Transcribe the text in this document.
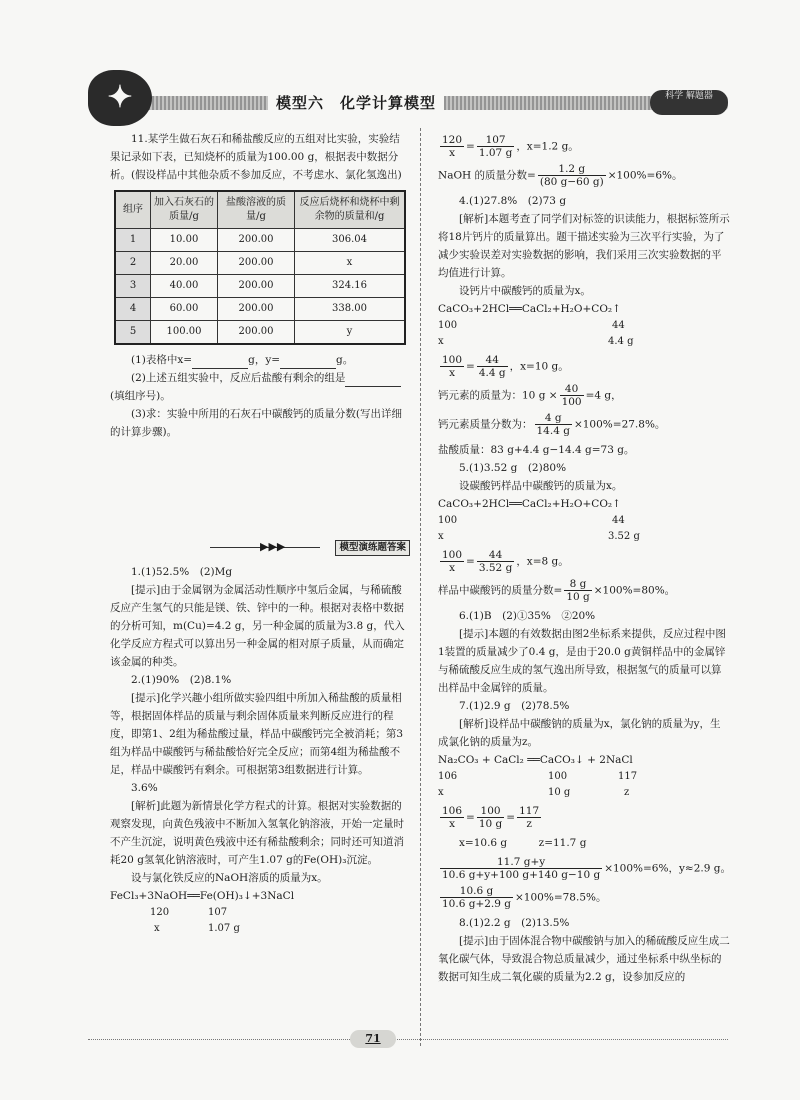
✦	模型六　化学计算模型	科学 解题器

11.某学生做石灰石和稀盐酸反应的五组对比实验，实验结果记录如下表，已知烧杯的质量为100.00 g，根据表中数据分析。(假设样品中其他杂质不参加反应，不考虑水、氯化氢逸出)

组序	加入石灰石的质量/g	盐酸溶液的质量/g	反应后烧杯和烧杯中剩余物的质量和/g
1	10.00	200.00	306.04
2	20.00	200.00	x
3	40.00	200.00	324.16
4	60.00	200.00	338.00
5	100.00	200.00	y

(1)表格中x=	g，y=	g。

(2)上述五组实验中，反应后盐酸有剩余的组是

(填组序号)。

(3)求：实验中所用的石灰石中碳酸钙的质量分数(写出详细的计算步骤)。

▶▶▶	模型演练题答案

1.(1)52.5%　(2)Mg

[提示]由于金属钢为金属活动性顺序中氢后金属，与稀硫酸反应产生氢气的只能是镁、铁、锌中的一种。根据对表格中数据的分析可知，m(Cu)=4.2 g，另一种金属的质量为3.8 g，代入化学反应方程式可以算出另一种金属的相对原子质量，从而确定该金属的种类。

2.(1)90%　(2)8.1%

[提示]化学兴趣小组所做实验四组中所加入稀盐酸的质量相等，根据固体样品的质量与剩余固体质量来判断反应进行的程度，即第1、2组为稀盐酸过量，样品中碳酸钙完全被消耗；第3组为样品中碳酸钙与稀盐酸恰好完全反应；而第4组为稀盐酸不足，样品中碳酸钙有剩余。可根据第3组数据进行计算。

3.6%

[解析]此题为新情景化学方程式的计算。根据对实验数据的观察发现，向黄色残液中不断加入氢氧化钠溶液，开始一定量时不产生沉淀，说明黄色残液中还有稀盐酸剩余；同时还可知道消耗20 g氢氧化钠溶液时，可产生1.07 g的Fe(OH)₃沉淀。

设与氯化铁反应的NaOH溶质的质量为x。

FeCl₃+3NaOH══Fe(OH)₃↓+3NaCl

120	107
x	1.07 g
$\frac{120}{x} = \frac{107}{1.07 g}$ ，x=1.2 g。
NaOH 的质量分数= $\frac{1.2 g}{(80 g-60 g)} \times 100\%=6\%$。

4.(1)27.8%　(2)73 g

[解析]本题考查了同学们对标签的识读能力，根据标签所示将18片钙片的质量算出。题干描述实验为三次平行实验，为了减少实验误差对实验数据的影响，我们采用三次实验数据的平均值进行计算。

设钙片中碳酸钙的质量为x。

CaCO₃+2HCl══CaCl₂+H₂O+CO₂↑

100	44
x	4.4 g
$\frac{100}{x} = \frac{44}{4.4 g}$ ，x=10 g。
钙元素的质量为：10 $g \times \frac{40}{100} =4$ g，
钙元素质量分数为： $\frac{4 g}{14.4 g} \times 100\%=27.8\%$。

盐酸质量：83 g+4.4 g−14.4 g=73 g。

5.(1)3.52 g　(2)80%

设碳酸钙样品中碳酸钙的质量为x。

CaCO₃+2HCl══CaCl₂+H₂O+CO₂↑

100	44
x	3.52 g
$\frac{100}{x} = \frac{44}{3.52 g}$ ，x=8 g。
样品中碳酸钙的质量分数= $\frac{8 g}{10 g} \times 100\%=80\%$。

6.(1)B　(2)①35%　②20%

[提示]本题的有效数据由图2坐标系来提供，反应过程中图1装置的质量减少了0.4 g，是由于20.0 g黄铜样品中的金属锌与稀硫酸反应生成的氢气逸出所导致，根据氢气的质量可以算出样品中金属锌的质量。

7.(1)2.9 g　(2)78.5%

[解析]设样品中碳酸钠的质量为x，氯化钠的质量为y，生成氯化钠的质量为z。

Na₂CO₃ + CaCl₂ ══CaCO₃↓ + 2NaCl

106	100	117
x	10 g	z
$\frac{106}{x} = \frac{100}{10 g} = \frac{117}{z}$

x=10.6 g　　　z=11.7 g

$\frac{11.7 g+y}{10.6 g+y+100 g+140 g-10 g} \times 100\%=6\%$，y≈2.9 g。
$\frac{10.6 g}{10.6 g+2.9 g} \times 100\%=78.5\%$。

8.(1)2.2 g　(2)13.5%

[提示]由于固体混合物中碳酸钠与加入的稀硫酸反应生成二氧化碳气体，导致混合物总质量减少，通过坐标系中纵坐标的数据可知生成二氧化碳的质量为2.2 g，设参加反应的

71
